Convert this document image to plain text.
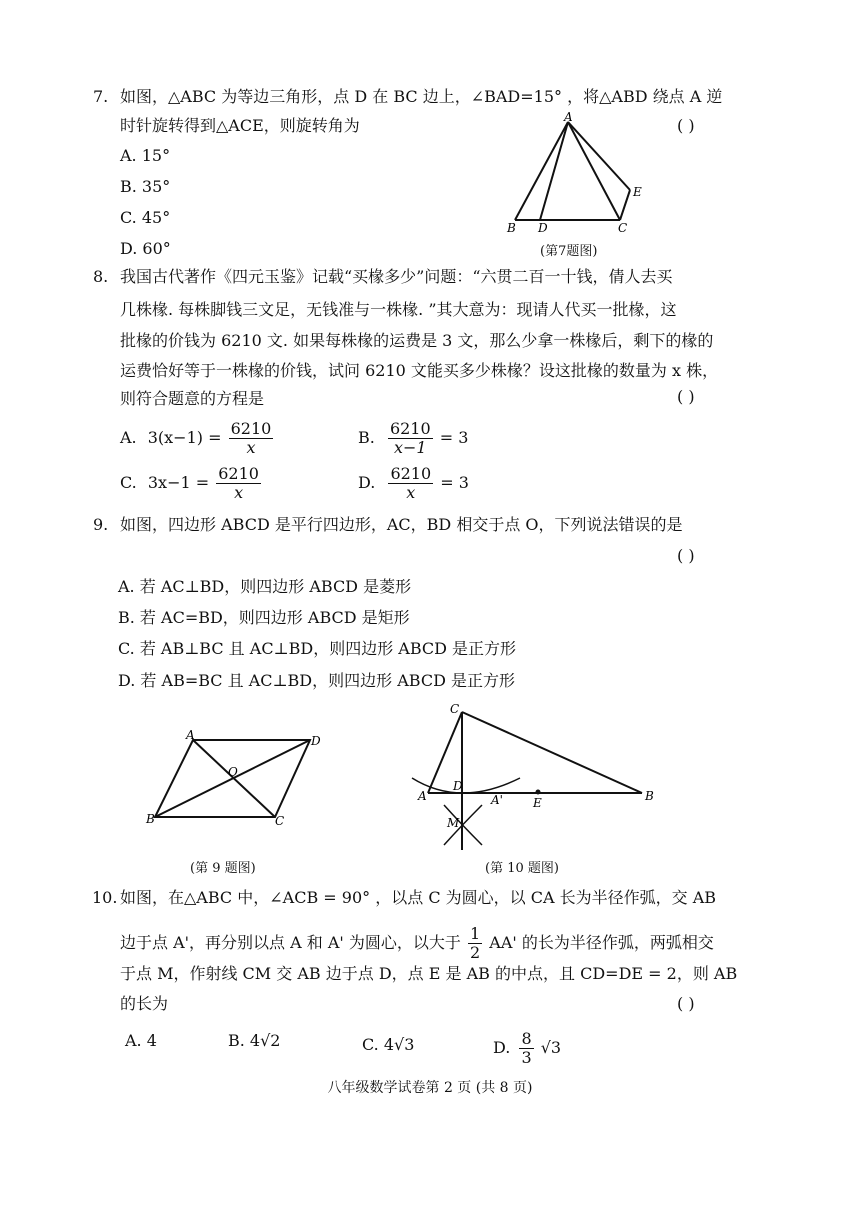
7. 如图，△ABC 为等边三角形，点 D 在 BC 边上，∠BAD=15° ，将△ABD 绕点 A 逆
时针旋转得到△ACE，则旋转角为	( )
A. 15°
B. 35°
C. 45°
D. 60°
A
B D	C
E
(第7题图)
8. 我国古代著作《四元玉鉴》记载“买椽多少”问题：“六贯二百一十钱，倩人去买
几株椽. 每株脚钱三文足，无钱准与一株椽. ”其大意为：现请人代买一批椽，这
批椽的价钱为 6210 文. 如果每株椽的运费是 3 文，那么少拿一株椽后，剩下的椽的
运费恰好等于一株椽的价钱，试问 6210 文能买多少株椽？设这批椽的数量为 x 株，
则符合题意的方程是	( )
A. $3(x-1) = \frac{6210}{x}$	B. $\frac{6210}{x-1} = 3$
C. $3x-1 = \frac{6210}{x}$	D. $\frac{6210}{x} = 3$
9. 如图，四边形 ABCD 是平行四边形，AC，BD 相交于点 O，下列说法错误的是
( )
A. 若 AC⊥BD，则四边形 ABCD 是菱形
B. 若 AC=BD，则四边形 ABCD 是矩形
C. 若 AB⊥BC 且 AC⊥BD，则四边形 ABCD 是正方形
D. 若 AB=BC 且 AC⊥BD，则四边形 ABCD 是正方形
A	D
O
B	C
(第 9 题图)
C
A
D
A'	E	B
M
(第 10 题图)
10. 如图，在△ABC 中，∠ACB = 90° ，以点 C 为圆心，以 CA 长为半径作弧，交 AB
边于点 A'，再分别以点 A 和 A' 为圆心，以大于 $\frac{1}{2} AA'$ 的长为半径作弧，两弧相交
于点 M，作射线 CM 交 AB 边于点 D，点 E 是 AB 的中点，且 CD=DE = 2，则 AB
的长为	( )
A. 4	B. 4√2	C. 4√3	D. $\frac{8}{3} √3$
八年级数学试卷第 2 页 (共 8 页)
